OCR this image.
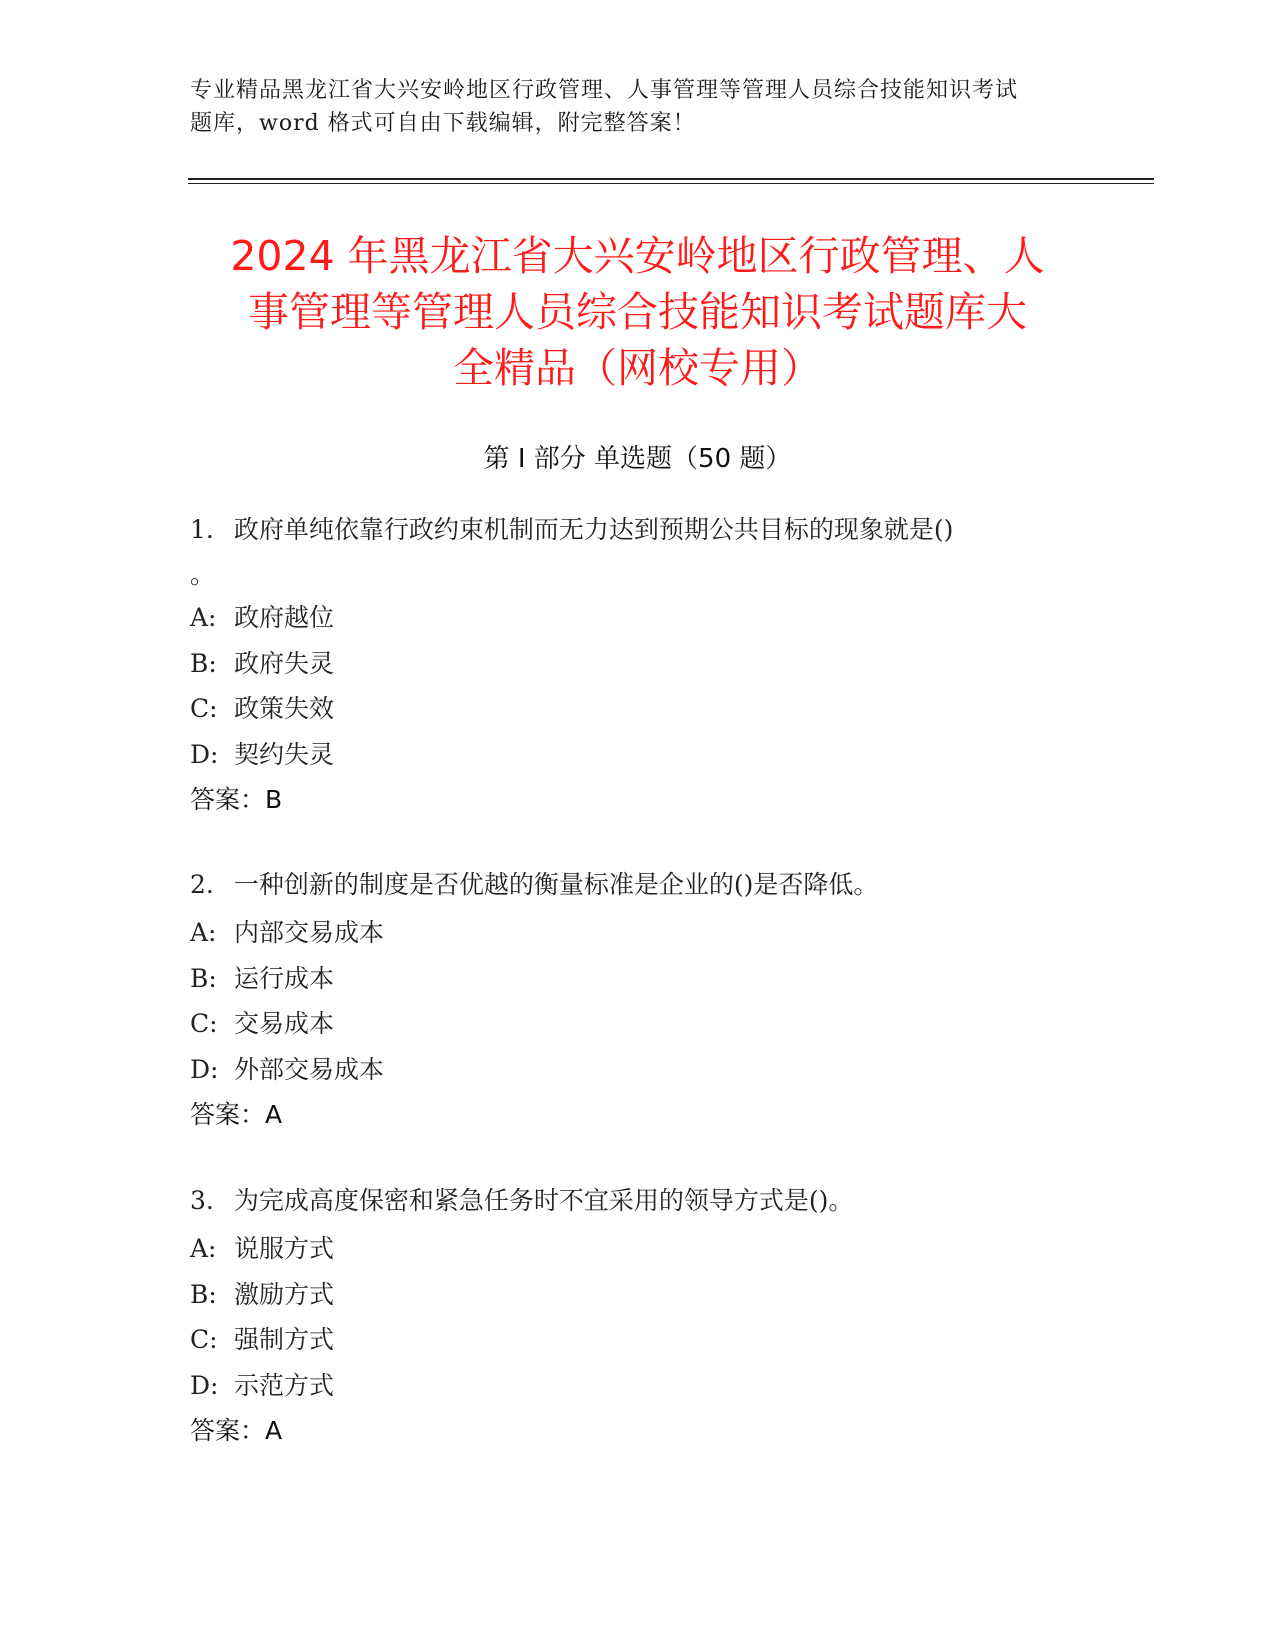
专业精品黑龙江省大兴安岭地区行政管理、人事管理等管理人员综合技能知识考试
题库，word 格式可自由下载编辑，附完整答案！
2024 年黑龙江省大兴安岭地区行政管理、人
事管理等管理人员综合技能知识考试题库大
全精品（网校专用）
第 I 部分 单选题（50 题）

1. 政府单纯依靠行政约束机制而无力达到预期公共目标的现象就是()

。

A: 政府越位

B: 政府失灵

C: 政策失效

D: 契约失灵

答案：B

2. 一种创新的制度是否优越的衡量标准是企业的()是否降低。

A: 内部交易成本

B: 运行成本

C: 交易成本

D: 外部交易成本

答案：A

3. 为完成高度保密和紧急任务时不宜采用的领导方式是()。

A: 说服方式

B: 激励方式

C: 强制方式

D: 示范方式

答案：A
